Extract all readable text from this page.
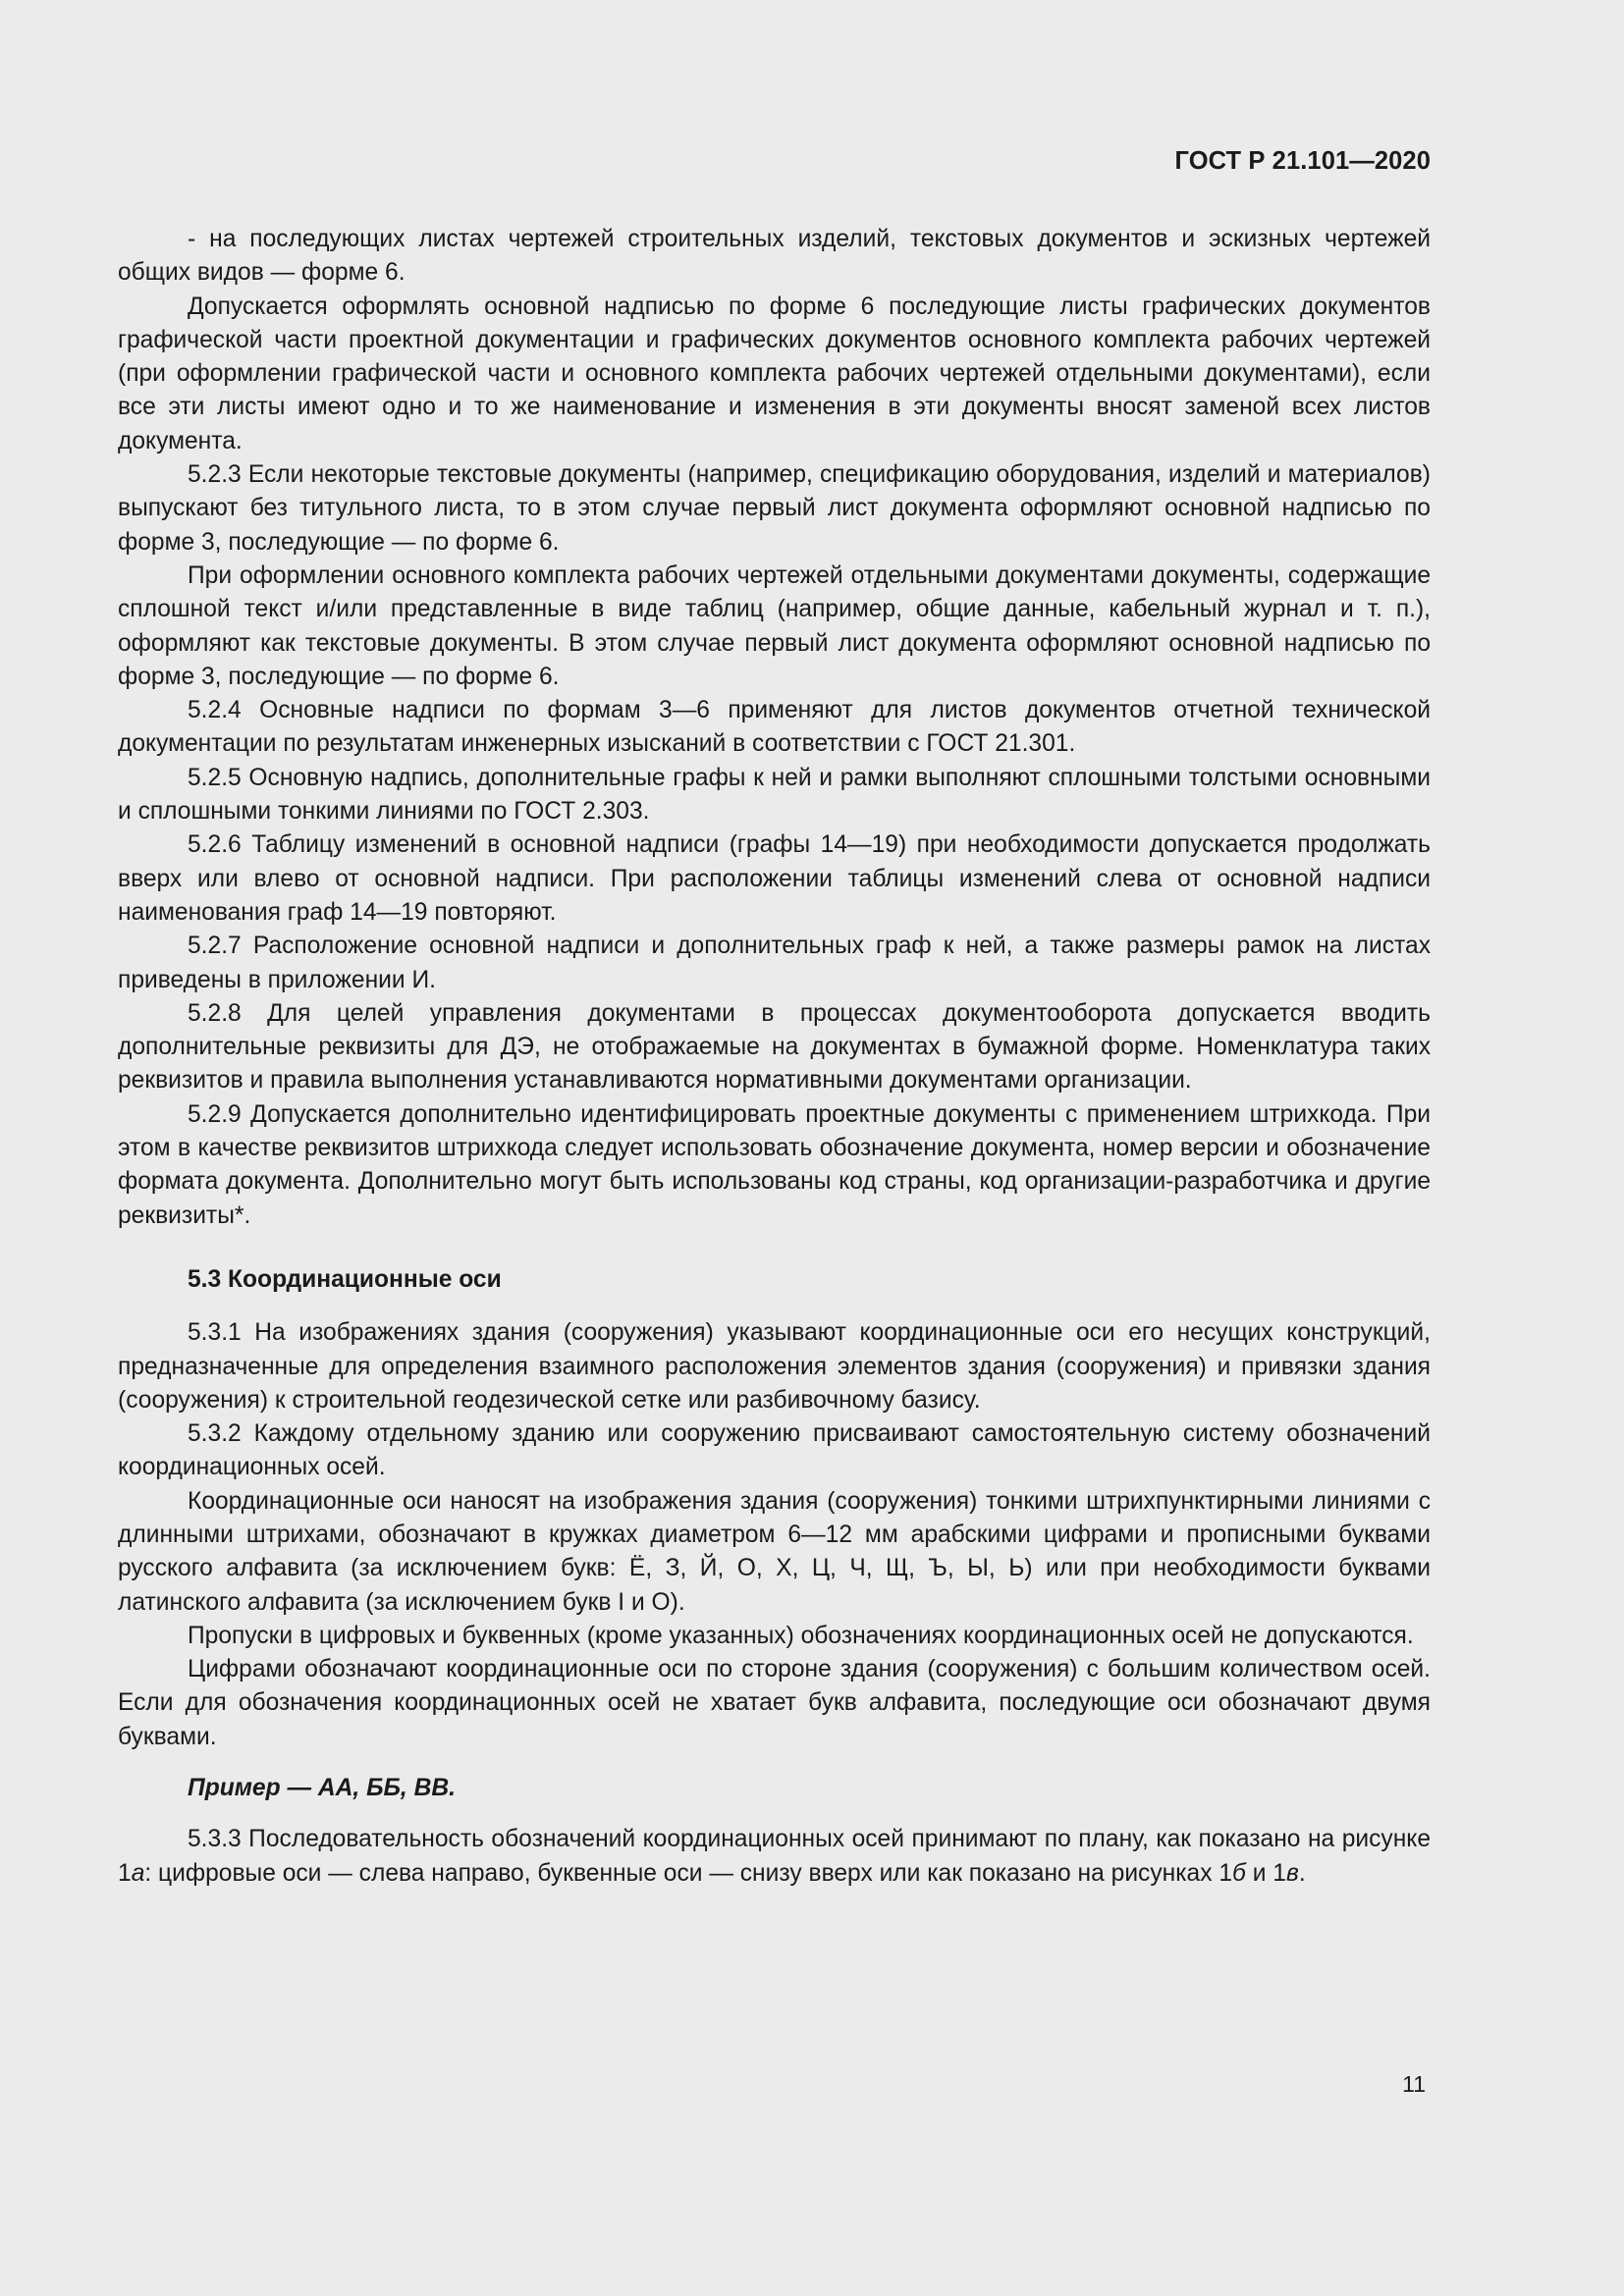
ГОСТ Р 21.101—2020

- на последующих листах чертежей строительных изделий, текстовых документов и эскизных чертежей общих видов — форме 6.

Допускается оформлять основной надписью по форме 6 последующие листы графических документов графической части проектной документации и графических документов основного комплекта рабочих чертежей (при оформлении графической части и основного комплекта рабочих чертежей отдельными документами), если все эти листы имеют одно и то же наименование и изменения в эти документы вносят заменой всех листов документа.

5.2.3 Если некоторые текстовые документы (например, спецификацию оборудования, изделий и материалов) выпускают без титульного листа, то в этом случае первый лист документа оформляют основной надписью по форме 3, последующие — по форме 6.

При оформлении основного комплекта рабочих чертежей отдельными документами документы, содержащие сплошной текст и/или представленные в виде таблиц (например, общие данные, кабельный журнал и т. п.), оформляют как текстовые документы. В этом случае первый лист документа оформляют основной надписью по форме 3, последующие — по форме 6.

5.2.4 Основные надписи по формам 3—6 применяют для листов документов отчетной технической документации по результатам инженерных изысканий в соответствии с ГОСТ 21.301.

5.2.5 Основную надпись, дополнительные графы к ней и рамки выполняют сплошными толстыми основными и сплошными тонкими линиями по ГОСТ 2.303.

5.2.6 Таблицу изменений в основной надписи (графы 14—19) при необходимости допускается продолжать вверх или влево от основной надписи. При расположении таблицы изменений слева от основной надписи наименования граф 14—19 повторяют.

5.2.7 Расположение основной надписи и дополнительных граф к ней, а также размеры рамок на листах приведены в приложении И.

5.2.8 Для целей управления документами в процессах документооборота допускается вводить дополнительные реквизиты для ДЭ, не отображаемые на документах в бумажной форме. Номенклатура таких реквизитов и правила выполнения устанавливаются нормативными документами организации.

5.2.9 Допускается дополнительно идентифицировать проектные документы с применением штрихкода. При этом в качестве реквизитов штрихкода следует использовать обозначение документа, номер версии и обозначение формата документа. Дополнительно могут быть использованы код страны, код организации-разработчика и другие реквизиты*.

5.3 Координационные оси

5.3.1 На изображениях здания (сооружения) указывают координационные оси его несущих конструкций, предназначенные для определения взаимного расположения элементов здания (сооружения) и привязки здания (сооружения) к строительной геодезической сетке или разбивочному базису.

5.3.2 Каждому отдельному зданию или сооружению присваивают самостоятельную систему обозначений координационных осей.

Координационные оси наносят на изображения здания (сооружения) тонкими штрихпунктирными линиями с длинными штрихами, обозначают в кружках диаметром 6—12 мм арабскими цифрами и прописными буквами русского алфавита (за исключением букв: Ё, З, Й, О, Х, Ц, Ч, Щ, Ъ, Ы, Ь) или при необходимости буквами латинского алфавита (за исключением букв I и О).

Пропуски в цифровых и буквенных (кроме указанных) обозначениях координационных осей не допускаются.

Цифрами обозначают координационные оси по стороне здания (сооружения) с большим количеством осей. Если для обозначения координационных осей не хватает букв алфавита, последующие оси обозначают двумя буквами.

Пример — АА, ББ, ВВ.

5.3.3 Последовательность обозначений координационных осей принимают по плану, как показано на рисунке 1а: цифровые оси — слева направо, буквенные оси — снизу вверх или как показано на рисунках 1б и 1в.

11
